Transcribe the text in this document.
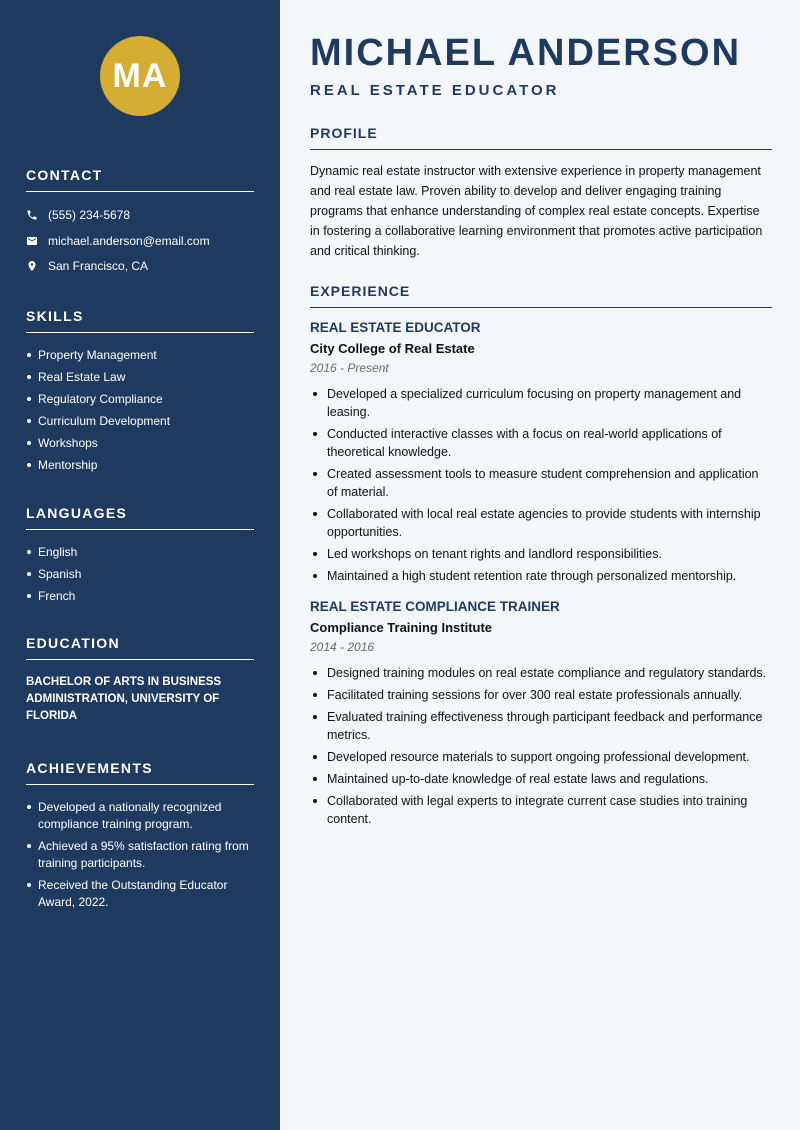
MA
CONTACT
(555) 234-5678
michael.anderson@email.com
San Francisco, CA
SKILLS
Property Management
Real Estate Law
Regulatory Compliance
Curriculum Development
Workshops
Mentorship
LANGUAGES
English
Spanish
French
EDUCATION

BACHELOR OF ARTS IN BUSINESS ADMINISTRATION, UNIVERSITY OF FLORIDA

ACHIEVEMENTS
Developed a nationally recognized compliance training program.
Achieved a 95% satisfaction rating from training participants.
Received the Outstanding Educator Award, 2022.
MICHAEL ANDERSON
REAL ESTATE EDUCATOR
PROFILE

Dynamic real estate instructor with extensive experience in property management and real estate law. Proven ability to develop and deliver engaging training programs that enhance understanding of complex real estate concepts. Expertise in fostering a collaborative learning environment that promotes active participation and critical thinking.

EXPERIENCE
REAL ESTATE EDUCATOR
City College of Real Estate
2016 - Present
Developed a specialized curriculum focusing on property management and leasing.
Conducted interactive classes with a focus on real-world applications of theoretical knowledge.
Created assessment tools to measure student comprehension and application of material.
Collaborated with local real estate agencies to provide students with internship opportunities.
Led workshops on tenant rights and landlord responsibilities.
Maintained a high student retention rate through personalized mentorship.
REAL ESTATE COMPLIANCE TRAINER
Compliance Training Institute
2014 - 2016
Designed training modules on real estate compliance and regulatory standards.
Facilitated training sessions for over 300 real estate professionals annually.
Evaluated training effectiveness through participant feedback and performance metrics.
Developed resource materials to support ongoing professional development.
Maintained up-to-date knowledge of real estate laws and regulations.
Collaborated with legal experts to integrate current case studies into training content.
